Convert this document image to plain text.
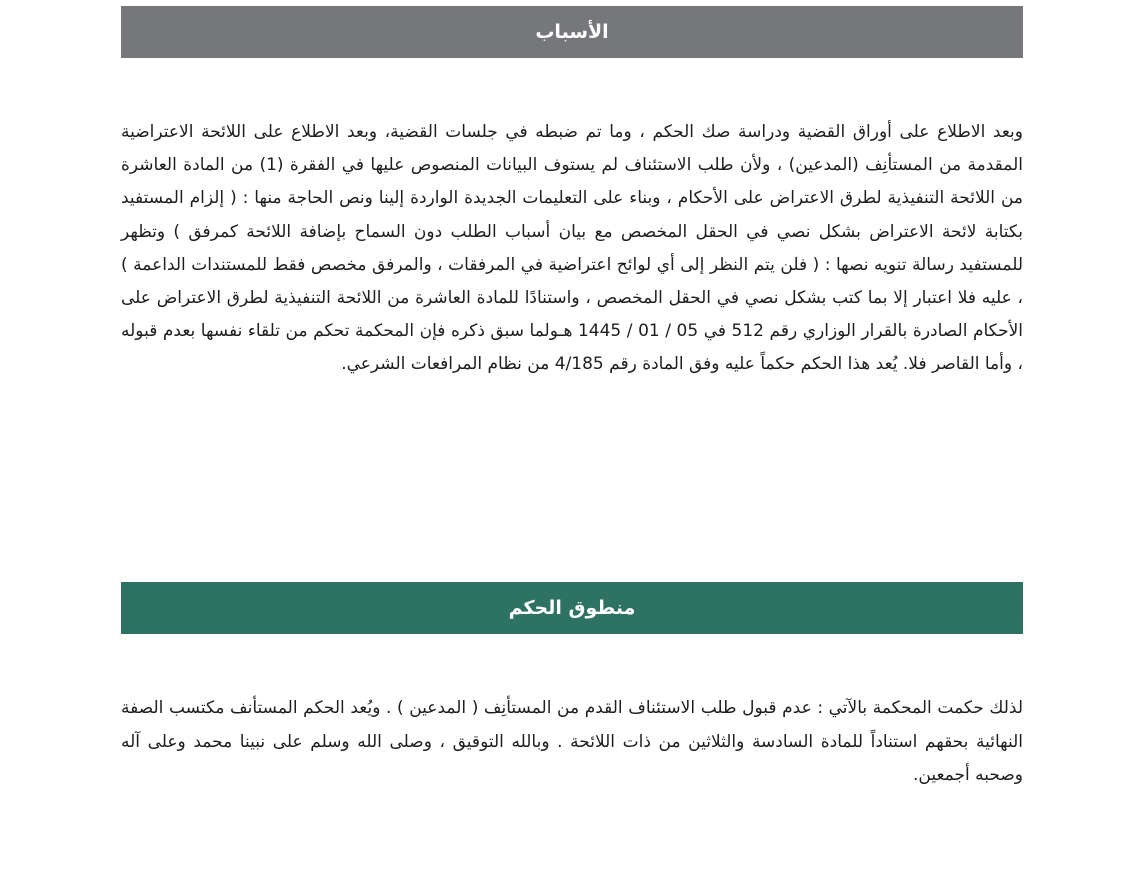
الأسباب

وبعد الاطلاع على أوراق القضية ودراسة صك الحكم ، وما تم ضبطه في جلسات القضية، وبعد الاطلاع على اللائحة الاعتراضية المقدمة من المستأنِف (المدعين) ، ولأن طلب الاستئناف لم يستوف البيانات المنصوص عليها في الفقرة (1) من المادة العاشرة من اللائحة التنفيذية لطرق الاعتراض على الأحكام ، وبناء على التعليمات الجديدة الواردة إلينا ونص الحاجة منها : ( إلزام المستفيد بكتابة لائحة الاعتراض بشكل نصي في الحقل المخصص مع بيان أسباب الطلب دون السماح بإضافة اللائحة كمرفق ) وتظهر للمستفيد رسالة تنويه نصها : ( فلن يتم النظر إلى أي لوائح اعتراضية في المرفقات ، والمرفق مخصص فقط للمستندات الداعمة ) ، عليه فلا اعتبار إلا بما كتب بشكل نصي في الحقل المخصص ، واستنادًا للمادة العاشرة من اللائحة التنفيذية لطرق الاعتراض على الأحكام الصادرة بالقرار الوزاري رقم 512 في 05 / 01 / 1445 هـولما سبق ذكره فإن المحكمة تحكم من تلقاء نفسها بعدم قبوله ، وأما القاصر فلا. يُعد هذا الحكم حكماً عليه وفق المادة رقم 4/185 من نظام المرافعات الشرعي.

منطوق الحكم

لذلك حكمت المحكمة بالآتي : عدم قبول طلب الاستئناف القدم من المستأنِف ( المدعين ) . ويُعد الحكم المستأنف مكتسب الصفة النهائية بحقهم استناداً للمادة السادسة والثلاثين من ذات اللائحة . وبالله التوقيق ، وصلى الله وسلم على نبينا محمد وعلى آله وصحبه أجمعين.
